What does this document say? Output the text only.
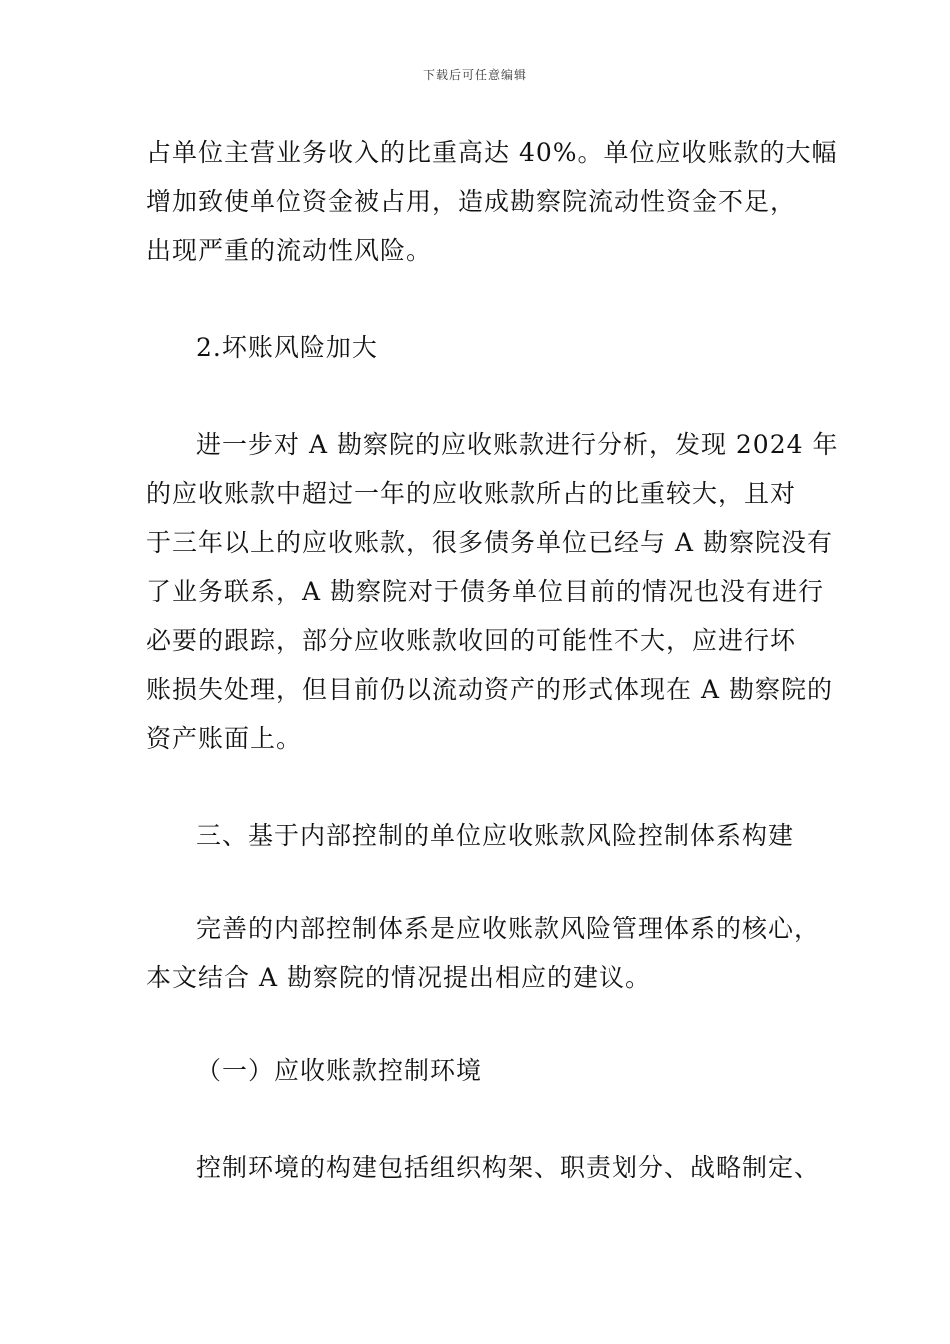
下载后可任意编辑

占单位主营业务收入的比重高达 40%。单位应收账款的大幅
增加致使单位资金被占用，造成勘察院流动性资金不足，
出现严重的流动性风险。

2.坏账风险加大

进一步对 A 勘察院的应收账款进行分析，发现 2024 年
的应收账款中超过一年的应收账款所占的比重较大，且对
于三年以上的应收账款，很多债务单位已经与 A 勘察院没有
了业务联系，A 勘察院对于债务单位目前的情况也没有进行
必要的跟踪，部分应收账款收回的可能性不大，应进行坏
账损失处理，但目前仍以流动资产的形式体现在 A 勘察院的
资产账面上。

三、基于内部控制的单位应收账款风险控制体系构建

完善的内部控制体系是应收账款风险管理体系的核心，
本文结合 A 勘察院的情况提出相应的建议。

（一）应收账款控制环境

控制环境的构建包括组织构架、职责划分、战略制定、
